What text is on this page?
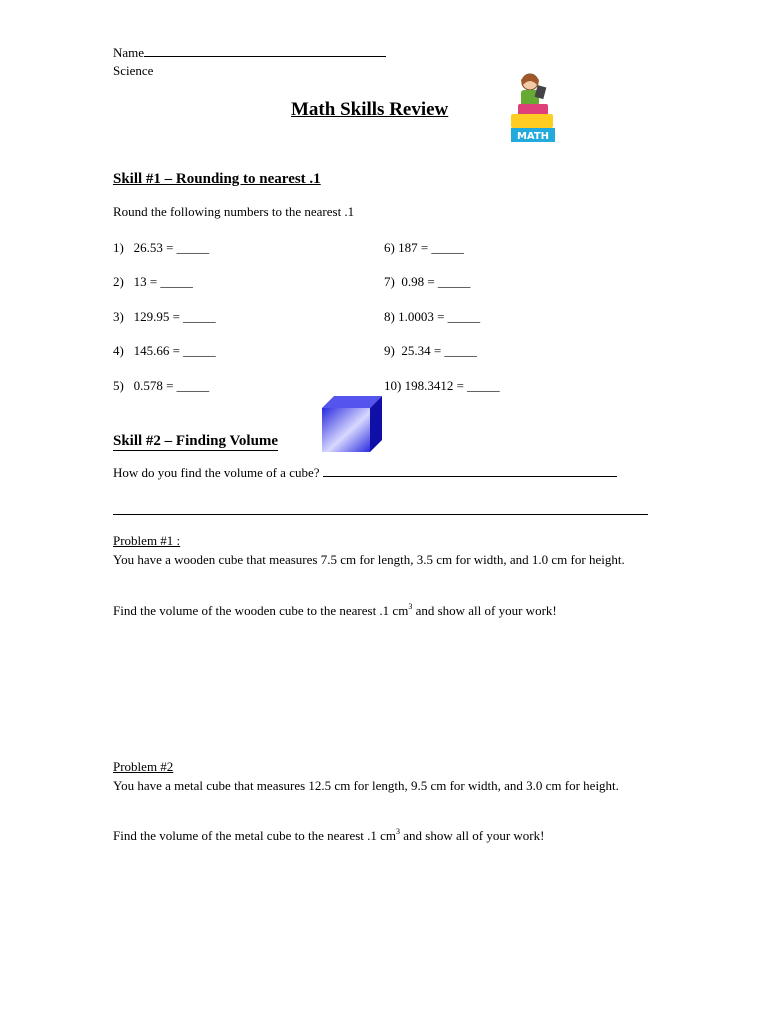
Name
Science
Math Skills Review
MATH
Skill #1 – Rounding to nearest .1
Round the following numbers to the nearest .1
1)   26.53 = _____
2)   13 = _____
3)   129.95 = _____
4)   145.66 = _____
5)   0.578 = _____
6) 187 = _____
7)  0.98 = _____
8) 1.0003 = _____
9)  25.34 = _____
10) 198.3412 = _____
Skill #2 – Finding Volume
How do you find the volume of a cube?
Problem #1 :
You have a wooden cube that measures 7.5 cm for length, 3.5 cm for width, and 1.0 cm for height.
Find the volume of the wooden cube to the nearest .1 $cm^3$ and show all of your work!
Problem #2
You have a metal cube that measures 12.5 cm for length, 9.5 cm for width, and 3.0 cm for height.
Find the volume of the metal cube to the nearest .1 $cm^3$ and show all of your work!
